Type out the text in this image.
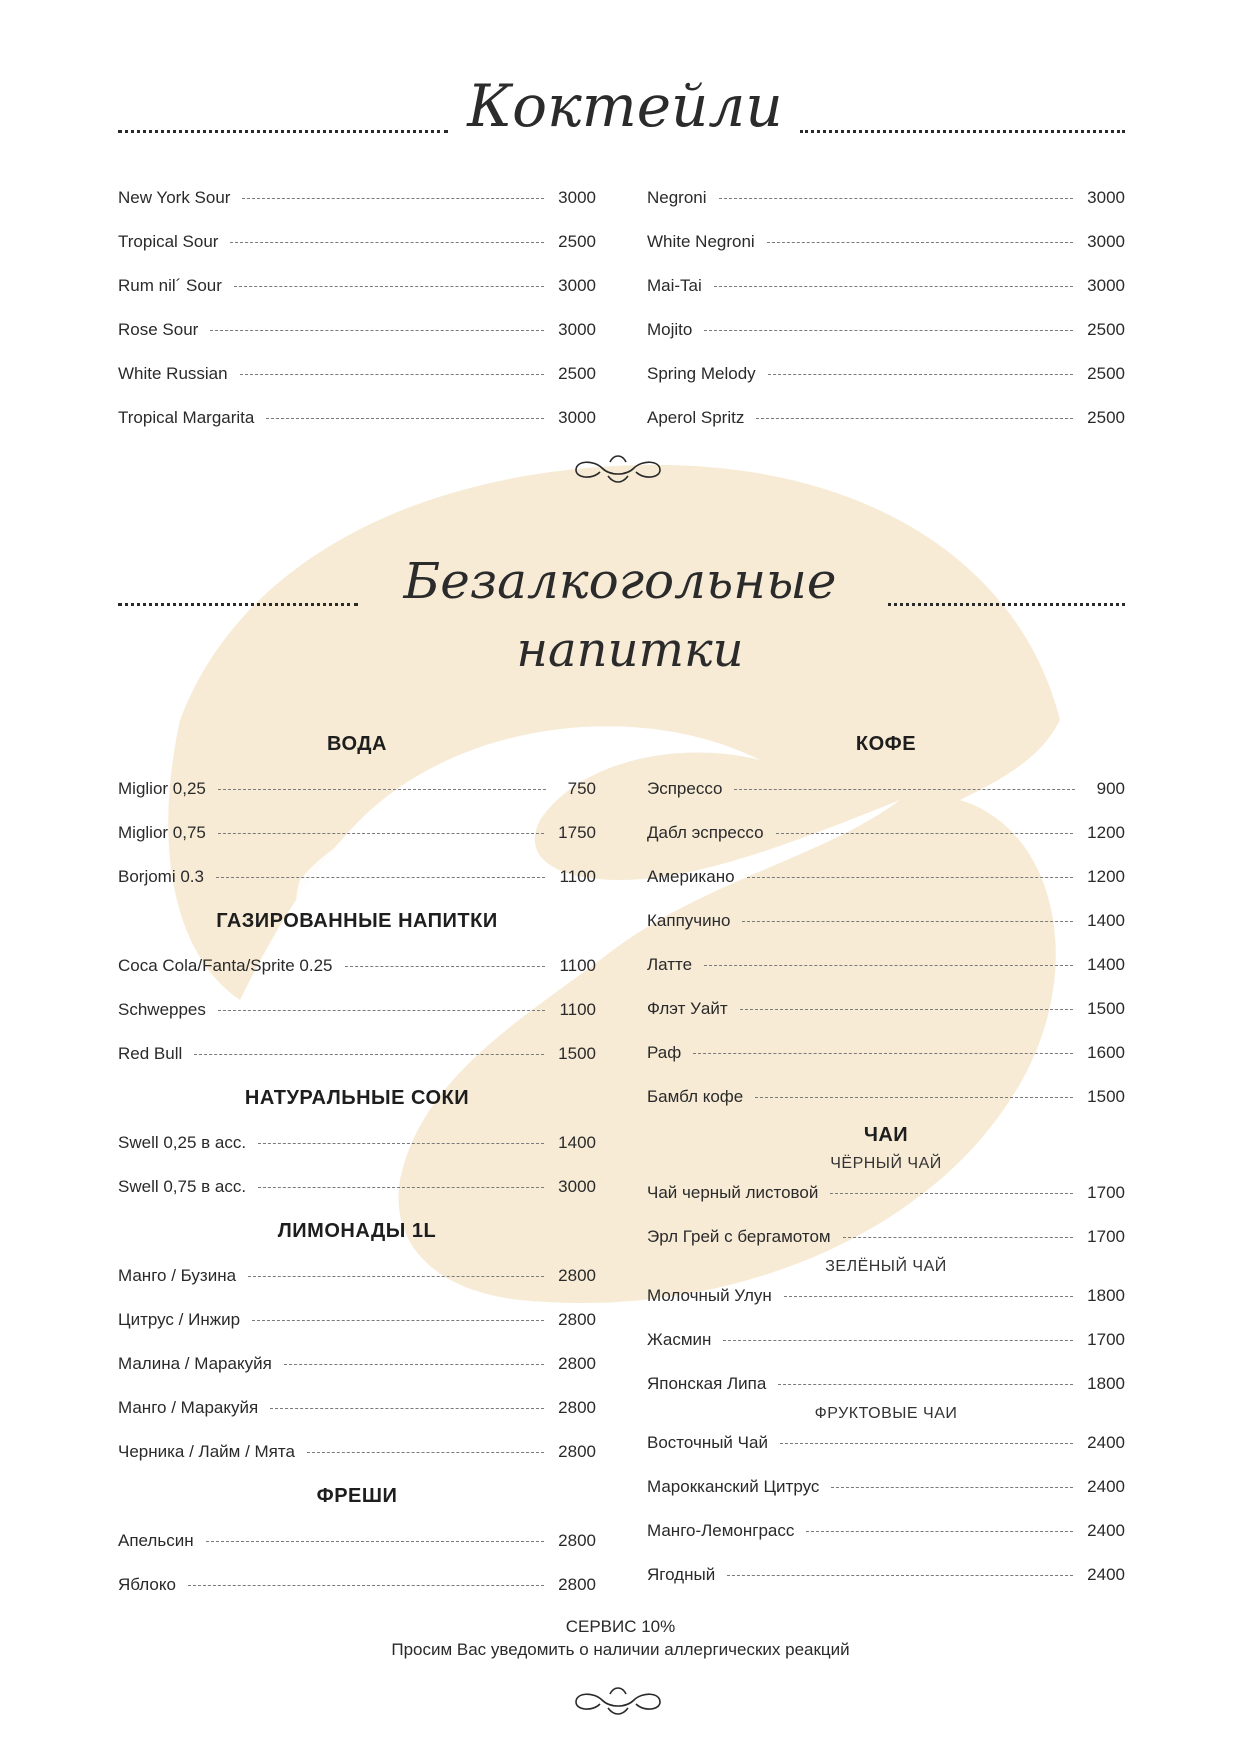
Коктейли
New York Sour	3000
Tropical Sour	2500
Rum nil´ Sour	3000
Rose Sour	3000
White Russian	2500
Tropical Margarita	3000
Negroni	3000
White Negroni	3000
Mai-Tai	3000
Mojito	2500
Spring Melody	2500
Aperol Spritz	2500
Безалкогольные
напитки
ВОДА
Miglior 0,25	750
Miglior 0,75	1750
Borjomi 0.3	1100
ГАЗИРОВАННЫЕ НАПИТКИ
Coca Cola/Fanta/Sprite 0.25	1100
Schweppes	1100
Red Bull	1500
НАТУРАЛЬНЫЕ СОКИ
Swell 0,25 в асс.	1400
Swell 0,75 в асс.	3000
ЛИМОНАДЫ 1L
Манго / Бузина	2800
Цитрус / Инжир	2800
Малина / Маракуйя	2800
Манго / Маракуйя	2800
Черника / Лайм / Мята	2800
ФРЕШИ
Апельсин	2800
Яблоко	2800
КОФЕ
Эспрессо	900
Дабл эспрессо	1200
Американо	1200
Каппучино	1400
Латте	1400
Флэт Уайт	1500
Раф	1600
Бамбл кофе	1500
ЧАИ
ЧЁРНЫЙ ЧАЙ
Чай черный листовой	1700
Эрл Грей с бергамотом	1700
ЗЕЛЁНЫЙ ЧАЙ
Молочный Улун	1800
Жасмин	1700
Японская Липа	1800
ФРУКТОВЫЕ ЧАИ
Восточный Чай	2400
Марокканский Цитрус	2400
Манго-Лемонграсс	2400
Ягодный	2400
СЕРВИС 10%
Просим Вас уведомить о наличии аллергических реакций
